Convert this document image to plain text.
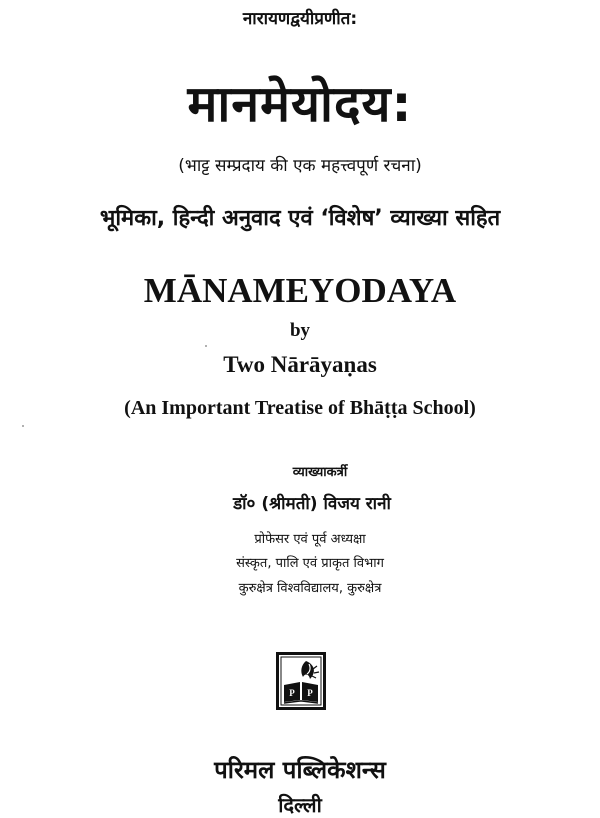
नारायणद्वयीप्रणीत:
मानमेयोदय:
(भाट्ट सम्प्रदाय की एक महत्त्वपूर्ण रचना)
भूमिका, हिन्दी अनुवाद एवं ‘विशेष’ व्याख्या सहित
MĀNAMEYODAYA
by
Two Nārāyaṇas
(An Important Treatise of Bhāṭṭa School)
व्याख्याकर्त्री
डॉ० (श्रीमती) विजय रानी
प्रोफेसर एवं पूर्व अध्यक्षा
संस्कृत, पालि एवं प्राकृत विभाग
कुरुक्षेत्र विश्वविद्यालय, कुरुक्षेत्र
P P
परिमल पब्लिकेशन्स
दिल्ली
